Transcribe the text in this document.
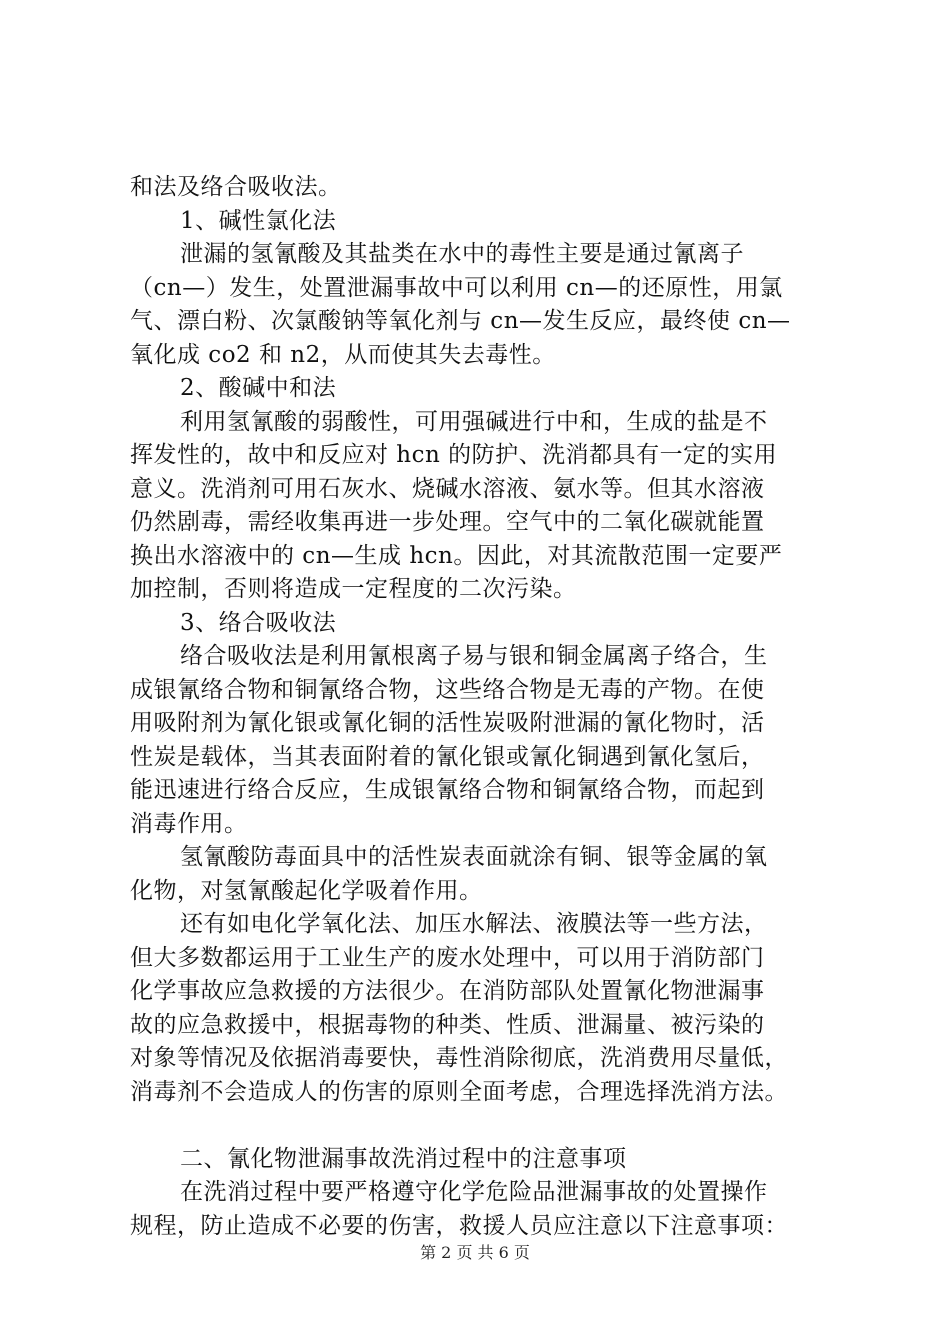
和法及络合吸收法。
1、碱性氯化法
泄漏的氢氰酸及其盐类在水中的毒性主要是通过氰离子
（cn—）发生，处置泄漏事故中可以利用 cn—的还原性，用氯
气、漂白粉、次氯酸钠等氧化剂与 cn—发生反应，最终使 cn—
氧化成 co2 和 n2，从而使其失去毒性。
2、酸碱中和法
利用氢氰酸的弱酸性，可用强碱进行中和，生成的盐是不
挥发性的，故中和反应对 hcn 的防护、洗消都具有一定的实用
意义。洗消剂可用石灰水、烧碱水溶液、氨水等。但其水溶液
仍然剧毒，需经收集再进一步处理。空气中的二氧化碳就能置
换出水溶液中的 cn—生成 hcn。因此，对其流散范围一定要严
加控制，否则将造成一定程度的二次污染。
3、络合吸收法
络合吸收法是利用氰根离子易与银和铜金属离子络合，生
成银氰络合物和铜氰络合物，这些络合物是无毒的产物。在使
用吸附剂为氰化银或氰化铜的活性炭吸附泄漏的氰化物时，活
性炭是载体，当其表面附着的氰化银或氰化铜遇到氰化氢后，
能迅速进行络合反应，生成银氰络合物和铜氰络合物，而起到
消毒作用。
氢氰酸防毒面具中的活性炭表面就涂有铜、银等金属的氧
化物，对氢氰酸起化学吸着作用。
还有如电化学氧化法、加压水解法、液膜法等一些方法，
但大多数都运用于工业生产的废水处理中，可以用于消防部门
化学事故应急救援的方法很少。在消防部队处置氰化物泄漏事
故的应急救援中，根据毒物的种类、性质、泄漏量、被污染的
对象等情况及依据消毒要快，毒性消除彻底，洗消费用尽量低，
消毒剂不会造成人的伤害的原则全面考虑，合理选择洗消方法。
二、氰化物泄漏事故洗消过程中的注意事项
在洗消过程中要严格遵守化学危险品泄漏事故的处置操作
规程，防止造成不必要的伤害，救援人员应注意以下注意事项：
第 2 页 共 6 页
